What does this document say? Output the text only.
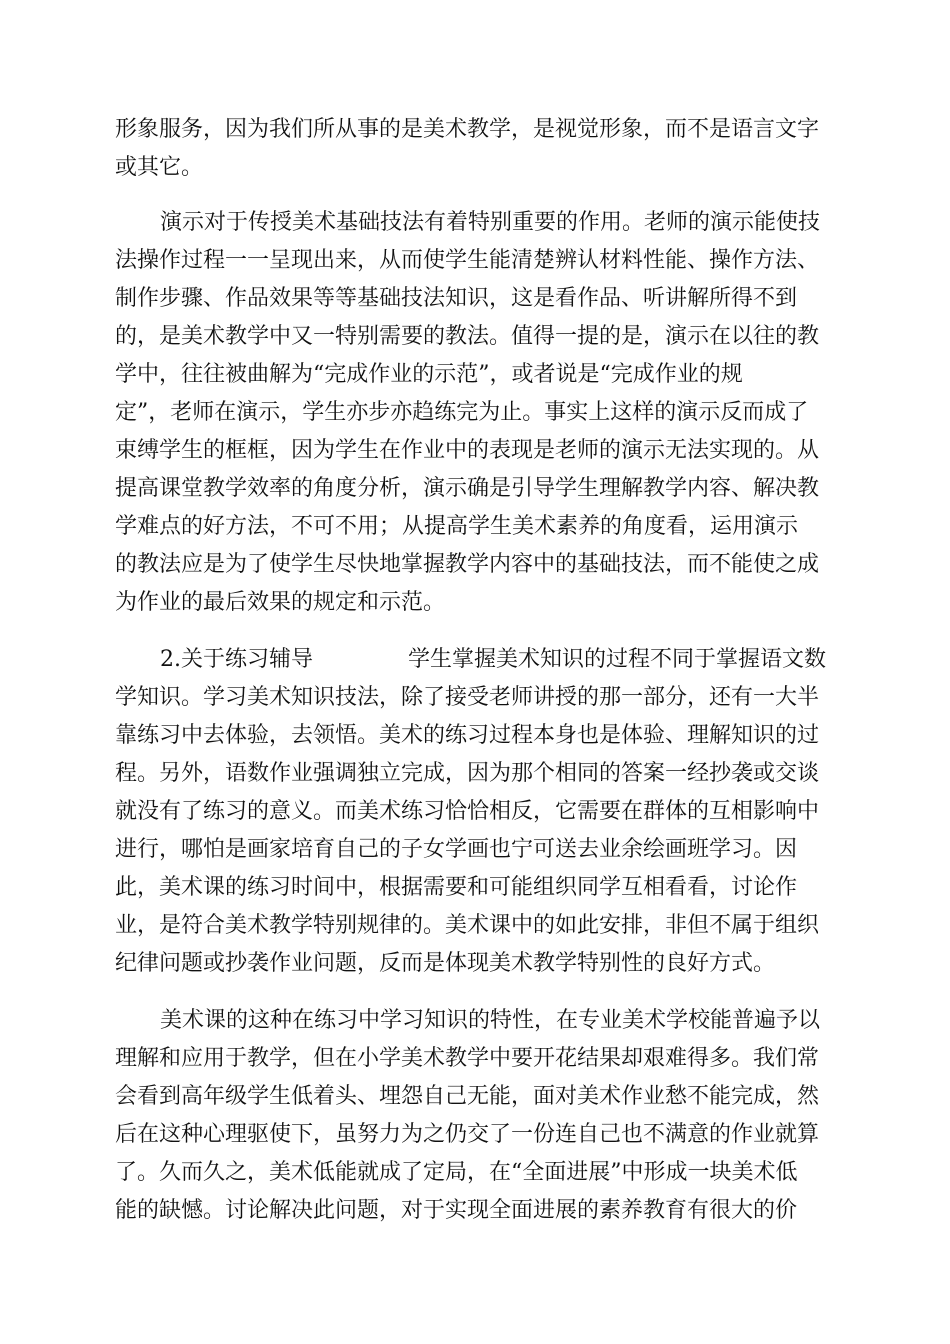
形象服务，因为我们所从事的是美术教学，是视觉形象，而不是语言文字

或其它。

演示对于传授美术基础技法有着特别重要的作用。老师的演示能使技

法操作过程一一呈现出来，从而使学生能清楚辨认材料性能、操作方法、

制作步骤、作品效果等等基础技法知识，这是看作品、听讲解所得不到

的，是美术教学中又一特别需要的教法。值得一提的是，演示在以往的教

学中，往往被曲解为“完成作业的示范”，或者说是“完成作业的规

定”，老师在演示，学生亦步亦趋练完为止。事实上这样的演示反而成了

束缚学生的框框，因为学生在作业中的表现是老师的演示无法实现的。从

提高课堂教学效率的角度分析，演示确是引导学生理解教学内容、解决教

学难点的好方法，不可不用；

从提高学生美术素养的角度看，运用演示

的教法应是为了使学生尽快地掌握教学内容中的基础技法，而不能使之成

为作业的最后效果的规定和示范。

2.关于练习辅导

	学生掌握美术知识的过程不同于掌握语文数

学知识。学习美术知识技法，除了接受老师讲授的那一部分，还有一大半

靠练习中去体验，去领悟。美术的练习过程本身也是体验、理解知识的过

程。另外，语数作业强调独立完成，因为那个相同的答案一经抄袭或交谈

就没有了练习的意义。而美术练习恰恰相反，它需要在群体的互相影响中

进行，哪怕是画家培育自己的子女学画也宁可送去业余绘画班学习。因

此，美术课的练习时间中，根据需要和可能组织同学互相看看，讨论作

业，是符合美术教学特别规律的。美术课中的如此安排，非但不属于组织

纪律问题或抄袭作业问题，反而是体现美术教学特别性的良好方式。

美术课的这种在练习中学习知识的特性，在专业美术学校能普遍予以

理解和应用于教学，但在小学美术教学中要开花结果却艰难得多。我们常

会看到高年级学生低着头、埋怨自己无能，面对美术作业愁不能完成，然

后在这种心理驱使下，虽努力为之仍交了一份连自己也不满意的作业就算

了。久而久之，美术低能就成了定局，在“全面进展”中形成一块美术低

能的缺憾。讨论解决此问题，对于实现全面进展的素养教育有很大的价
